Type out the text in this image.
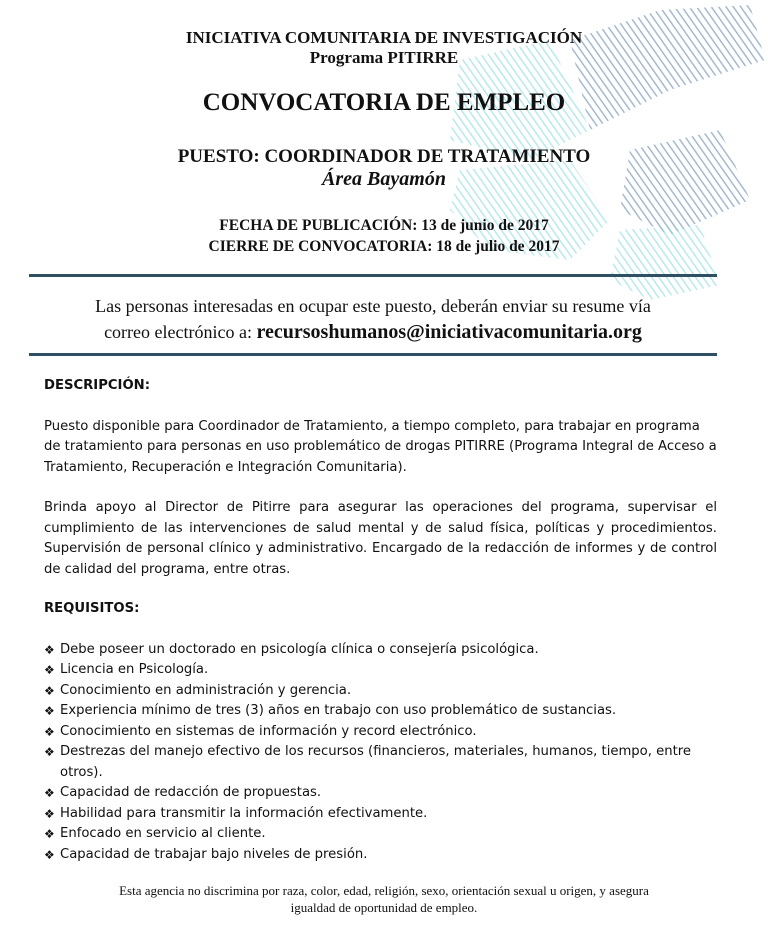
INICIATIVA COMUNITARIA DE INVESTIGACIÓN
Programa PITIRRE
CONVOCATORIA DE EMPLEO
PUESTO: COORDINADOR DE TRATAMIENTO
Área Bayamón
FECHA DE PUBLICACIÓN: 13 de junio de 2017
CIERRE DE CONVOCATORIA: 18 de julio de 2017
Las personas interesadas en ocupar este puesto, deberán enviar su resume vía
correo electrónico a: recursoshumanos@iniciativacomunitaria.org
DESCRIPCIÓN:
Puesto disponible para Coordinador de Tratamiento, a tiempo completo, para trabajar en programa de tratamiento para personas en uso problemático de drogas PITIRRE (Programa Integral de Acceso a Tratamiento, Recuperación e Integración Comunitaria).
Brinda apoyo al Director de Pitirre para asegurar las operaciones del programa, supervisar el cumplimiento de las intervenciones de salud mental y de salud física, políticas y procedimientos. Supervisión de personal clínico y administrativo. Encargado de la redacción de informes y de control de calidad del programa, entre otras.
REQUISITOS:
❖ Debe poseer un doctorado en psicología clínica o consejería psicológica.
❖ Licencia en Psicología.
❖ Conocimiento en administración y gerencia.
❖ Experiencia mínimo de tres (3) años en trabajo con uso problemático de sustancias.
❖ Conocimiento en sistemas de información y record electrónico.
❖ Destrezas del manejo efectivo de los recursos (financieros, materiales, humanos, tiempo, entre otros).
❖ Capacidad de redacción de propuestas.
❖ Habilidad para transmitir la información efectivamente.
❖ Enfocado en servicio al cliente.
❖ Capacidad de trabajar bajo niveles de presión.
Esta agencia no discrimina por raza, color, edad, religión, sexo, orientación sexual u origen, y asegura
igualdad de oportunidad de empleo.
